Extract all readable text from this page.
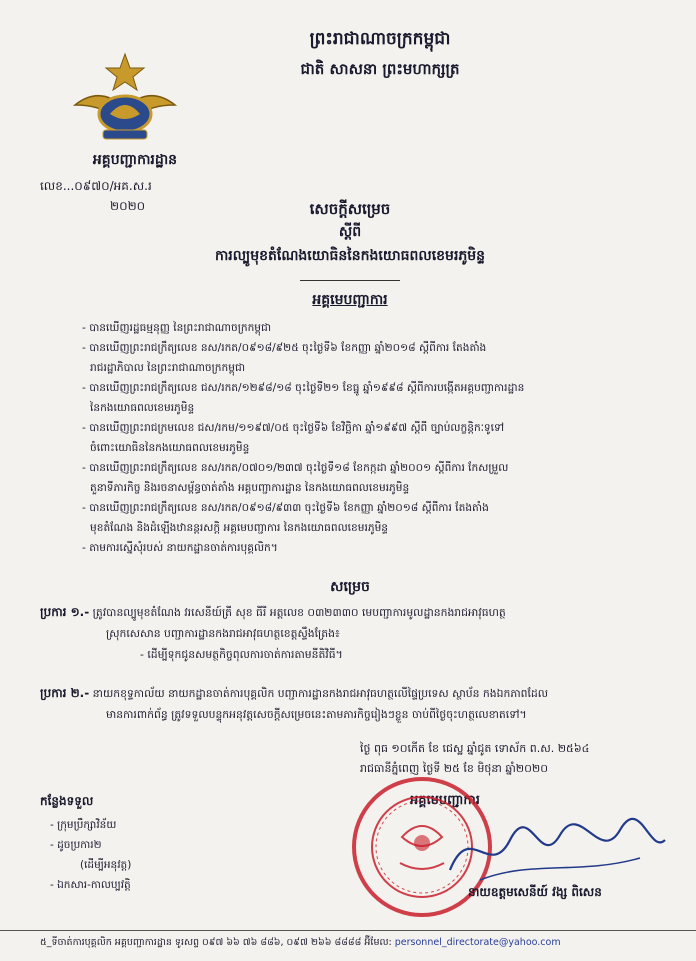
ព្រះរាជាណាចក្រកម្ពុជា
ជាតិ សាសនា ព្រះមហាក្សត្រ
អគ្គបញ្ជាការដ្ឋាន
លេខ...០៩៧០/អគ.ស.រ
២០២០	សេចក្តីសម្រេច
ស្តីពី
ការល្បូមុខតំណែងយោធិននៃកងយោធពលខេមរភូមិន្ទ
អគ្គមេបញ្ជាការ
- បានឃើញរដ្ឋធម្មនុញ្ញ នៃព្រះរាជាណាចក្រកម្ពុជា
- បានឃើញព្រះរាជក្រឹត្យលេខ នស/រកត/០៩១៨/៩២៥ ចុះថ្ងៃទី៦ ខែកញ្ញា ឆ្នាំ២០១៨ ស្តីពីការ តែងតាំង
រាជរដ្ឋាភិបាល នៃព្រះរាជាណាចក្រកម្ពុជា
- បានឃើញព្រះរាជក្រឹត្យលេខ ជស/រកត/១២៩៨/១៨ ចុះថ្ងៃទី២១ ខែធ្នូ ឆ្នាំ១៩៩៨ ស្តីពីការបង្កើតអគ្គបញ្ជាការដ្ឋាន
នៃកងយោធពលខេមរភូមិន្ទ
- បានឃើញព្រះរាជក្រមលេខ ជស/រកម/១១៩៧/០៥ ចុះថ្ងៃទី៦ ខែវិច្ឆិកា ឆ្នាំ១៩៩៧ ស្តីពី ច្បាប់លក្ខន្តិកៈទូទៅ
ចំពោះយោធិននៃកងយោធពលខេមរភូមិន្ទ
- បានឃើញព្រះរាជក្រឹត្យលេខ នស/រកត/០៧០១/២៣៧ ចុះថ្ងៃទី១៨ ខែកក្កដា ឆ្នាំ២០០១ ស្តីពីការ កែសម្រួល
តួនាទីភារកិច្ច និងរចនាសម្ព័ន្ធចាត់តាំង អគ្គបញ្ជាការដ្ឋាន នៃកងយោធពលខេមរភូមិន្ទ
- បានឃើញព្រះរាជក្រឹត្យលេខ នស/រកត/០៩១៨/៩៣៣ ចុះថ្ងៃទី៦ ខែកញ្ញា ឆ្នាំ២០១៨ ស្តីពីការ តែងតាំង
មុខតំណែង និងដំឡើងឋានន្តរសក្តិ អគ្គមេបញ្ជាការ នៃកងយោធពលខេមរភូមិន្ទ
- តាមការស្នើសុំរបស់ នាយកដ្ឋានចាត់ការបុគ្គលិក។
សម្រេច
ប្រការ ១.- ត្រូវបានល្បូមុខតំណែង វរសេនីយ៍ត្រី សុខ ធីរី អត្តលេខ ០៣២៣៣០ មេបញ្ជាការមូលដ្ឋានកងរាជអាវុធហត្ថ
ស្រុកសេសាន បញ្ជាការដ្ឋានកងរាជអាវុធហត្ថខេត្តស្ទឹងត្រែង៖
- ដើម្បីទុកជូនសមត្ថកិច្ចពុលការចាត់ការតាមនីតិវិធី។
ប្រការ ២.- នាយកខុទ្ទកាល័យ នាយកដ្ឋានចាត់ការបុគ្គលិក បញ្ជាការដ្ឋានកងរាជអាវុធហត្ថលើផ្ទៃប្រទេស ស្ថាប័ន កងឯកភាពដែល
មានការពាក់ព័ន្ធ ត្រូវទទួលបន្ទុកអនុវត្តសេចក្តីសម្រេចនេះតាមភារកិច្ចរៀងៗខ្លួន ចាប់ពីថ្ងៃចុះហត្ថលេខាតទៅ។
ថ្ងៃ ពុធ ១០កើត ខែ ជេស្ឋ ឆ្នាំជូត ទោស័ក ព.ស. ២៥៦៤
រាជធានីភ្នំពេញ ថ្ងៃទី ២៥ ខែ មិថុនា ឆ្នាំ២០២០
អគ្គមេបញ្ជាការ
នាយឧត្តមសេនីយ៍ វង្ស ពិសេន
កន្លែងទទួល
- ក្រុមប្រឹក្សាវិន័យ
- ដូចប្រការ២
(ដើម្បីអនុវត្ត)
- ឯកសារ-កាលប្បវត្តិ
៥_ទីចាត់ការបុគ្គលិក អគ្គបញ្ជាការដ្ឋាន ទូរសព្ទ ០៩៧ ៦៦ ៧៦ ៨៨៦, ០៩៧ ២៦៦ ៨៨៨៨ អ៊ីមែល: personnel_directorate@yahoo.com
